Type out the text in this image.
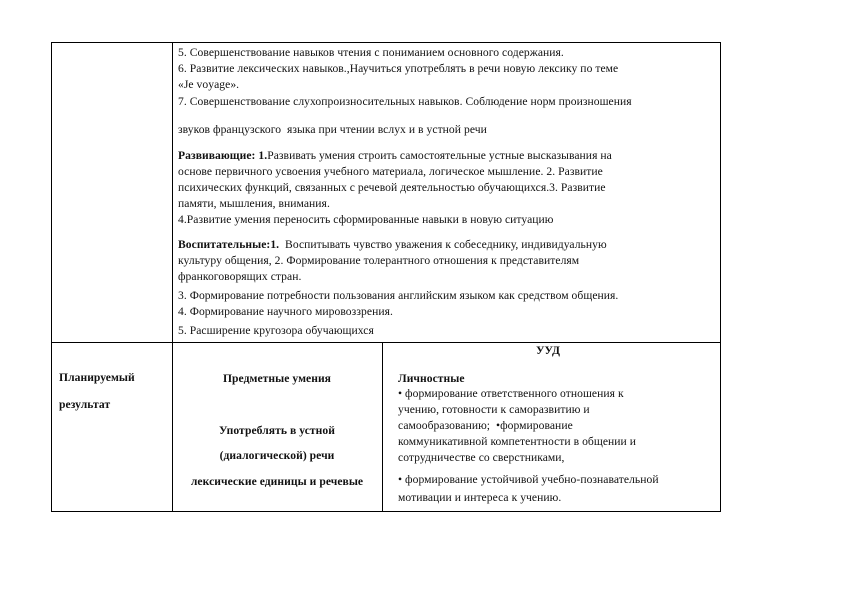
5. Совершенствование навыков чтения с пониманием основного содержания.
6. Развитие лексических навыков.,Научиться употреблять в речи новую лексику по теме
«Je voyage».
7. Совершенствование слухопроизносительных навыков. Соблюдение норм произношения
звуков французского  языка при чтении вслух и в устной речи
Развивающие: 1.Развивать умения строить самостоятельные устные высказывания на
основе первичного усвоения учебного материала, логическое мышление. 2. Развитие
психических функций, связанных с речевой деятельностью обучающихся.3. Развитие
памяти, мышления, внимания.
4.Развитие умения переносить сформированные навыки в новую ситуацию
Воспитательные:1.  Воспитывать чувство уважения к собеседнику, индивидуальную
культуру общения, 2. Формирование толерантного отношения к представителям
франкоговорящих стран.
3. Формирование потребности пользования английским языком как средством общения.
4. Формирование научного мировоззрения.
5. Расширение кругозора обучающихся
УУД
Планируемый
результат
Предметные умения
Употреблять в устной
(диалогической) речи
лексические единицы и речевые
Личностные
• формирование ответственного отношения к
учению, готовности к саморазвитию и
самообразованию;  •формирование
коммуникативной компетентности в общении и
сотрудничестве со сверстниками,
• формирование устойчивой учебно-познавательной
мотивации и интереса к учению.
